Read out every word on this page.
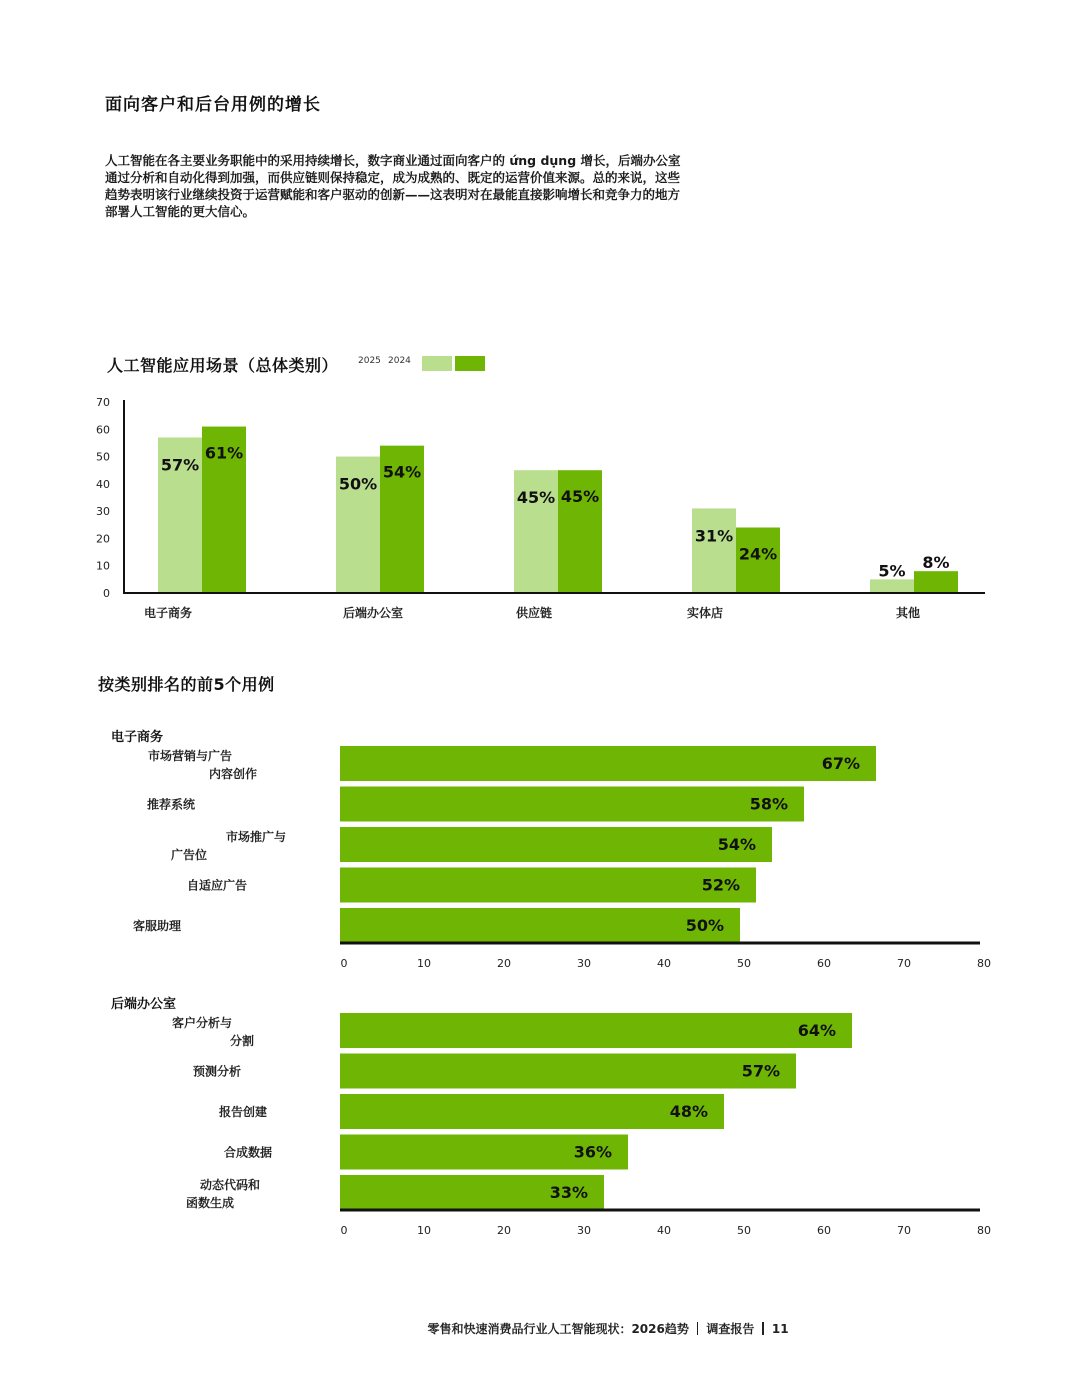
面向客户和后台用例的增长
人工智能在各主要业务职能中的采用持续增长，数字商业通过面向客户的 ứng dụng 增长，后端办公室通过分析和自动化得到加强，而供应链则保持稳定，成为成熟的、既定的运营价值来源。总的来说，这些趋势表明该行业继续投资于运营赋能和客户驱动的创新——这表明对在最能直接影响增长和竞争力的地方部署人工智能的更大信心。
人工智能应用场景（总体类别） 2025 2024
0
10
20
30
40
50
60
70
57%
61%
电子商务
50%
54%
后端办公室
45% 45%
供应链
31%
24%
实体店
5% 8%
其他
按类别排名的前5个用例
电子商务
67%
市场营销与广告
内容创作
58%
推荐系统
54%
市场推广与
广告位
52%
自适应广告
50%
客服助理
0	10	20	30	40	50	60	70	80
后端办公室
64%
客户分析与
分割
57%
预测分析
48%
报告创建
36%
合成数据
33%
动态代码和
函数生成
0	10	20	30	40	50	60	70	80
零售和快速消费品行业人工智能现状：2026趋势 调查报告 11
